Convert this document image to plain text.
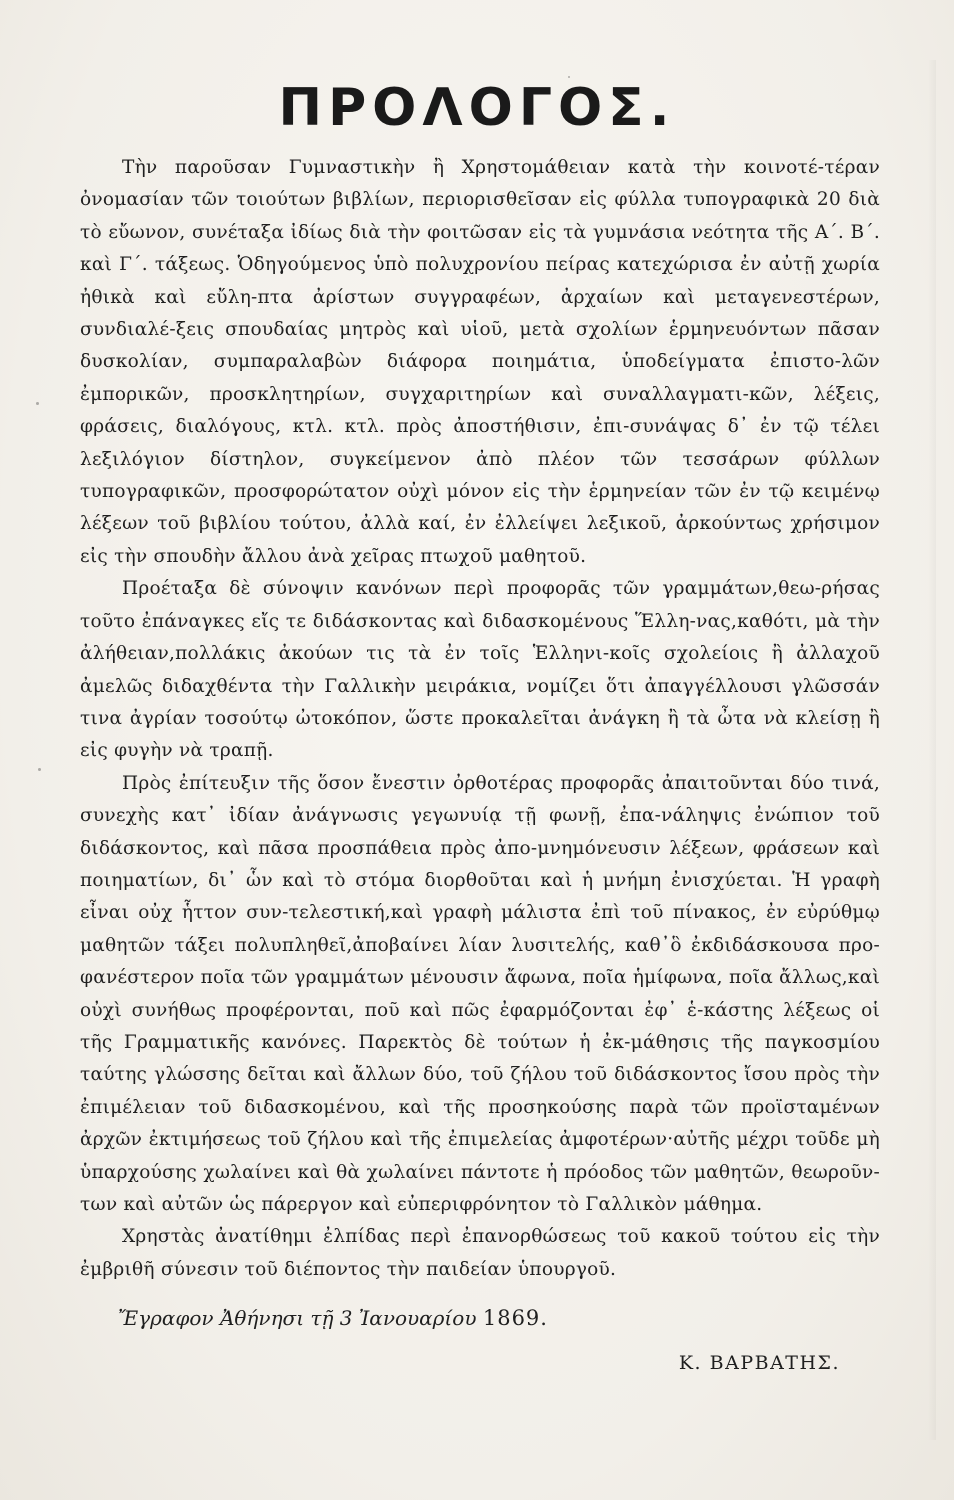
ΠΡΟΛΟΓΟΣ.

Τὴν παροῦσαν Γυμναστικὴν ἢ Χρηστομάθειαν κατὰ τὴν κοινοτέ-τέραν ὀνομασίαν τῶν τοιούτων βιβλίων, περιορισθεῖσαν εἰς φύλλα τυπογραφικὰ 20 διὰ τὸ εὔωνον, συνέταξα ἰδίως διὰ τὴν φοιτῶσαν εἰς τὰ γυμνάσια νεότητα τῆς Α΄. Β΄. καὶ Γ΄. τάξεως. Ὁδηγούμενος ὑπὸ πολυχρονίου πείρας κατεχώρισα ἐν αὐτῇ χωρία ἠθικὰ καὶ εὔλη-πτα ἀρίστων συγγραφέων, ἀρχαίων καὶ μεταγενεστέρων, συνδιαλέ-ξεις σπουδαίας μητρὸς καὶ υἱοῦ, μετὰ σχολίων ἑρμηνευόντων πᾶσαν δυσκολίαν, συμπαραλαβὼν διάφορα ποιημάτια, ὑποδείγματα ἐπιστο-λῶν ἐμπορικῶν, προσκλητηρίων, συγχαριτηρίων καὶ συναλλαγματι-κῶν, λέξεις, φράσεις, διαλόγους, κτλ. κτλ. πρὸς ἀποστήθισιν, ἐπι-συνάψας δ᾽ ἐν τῷ τέλει λεξιλόγιον δίστηλον, συγκείμενον ἀπὸ πλέον τῶν τεσσάρων φύλλων τυπογραφικῶν, προσφορώτατον οὐχὶ μόνον εἰς τὴν ἑρμηνείαν τῶν ἐν τῷ κειμένῳ λέξεων τοῦ βιβλίου τούτου, ἀλλὰ καί, ἐν ἐλλείψει λεξικοῦ, ἀρκούντως χρήσιμον εἰς τὴν σπουδὴν ἄλλου ἀνὰ χεῖρας πτωχοῦ μαθητοῦ.

Προέταξα δὲ σύνοψιν κανόνων περὶ προφορᾶς τῶν γραμμάτων,θεω-ρήσας τοῦτο ἐπάναγκες εἴς τε διδάσκοντας καὶ διδασκομένους Ἕλλη-νας,καθότι, μὰ τὴν ἀλήθειαν,πολλάκις ἀκούων τις τὰ ἐν τοῖς Ἑλληνι-κοῖς σχολείοις ἢ ἀλλαχοῦ ἀμελῶς διδαχθέντα τὴν Γαλλικὴν μειράκια, νομίζει ὅτι ἀπαγγέλλουσι γλῶσσάν τινα ἀγρίαν τοσούτῳ ὠτοκόπον, ὥστε προκαλεῖται ἀνάγκη ἢ τὰ ὦτα νὰ κλείσῃ ἢ εἰς φυγὴν νὰ τραπῇ.

Πρὸς ἐπίτευξιν τῆς ὅσον ἔνεστιν ὀρθοτέρας προφορᾶς ἀπαιτοῦνται δύο τινά, συνεχὴς κατ᾽ ἰδίαν ἀνάγνωσις γεγωνυίᾳ τῇ φωνῇ, ἐπα-νάληψις ἐνώπιον τοῦ διδάσκοντος, καὶ πᾶσα προσπάθεια πρὸς ἀπο-μνημόνευσιν λέξεων, φράσεων καὶ ποιηματίων, δι᾽ ὧν καὶ τὸ στόμα διορθοῦται καὶ ἡ μνήμη ἐνισχύεται. Ἡ γραφὴ εἶναι οὐχ ἧττον συν-τελεστική,καὶ γραφὴ μάλιστα ἐπὶ τοῦ πίνακος, ἐν εὐρύθμῳ μαθητῶν τάξει πολυπληθεῖ,ἀποβαίνει λίαν λυσιτελής, καθ᾽ὃ ἐκδιδάσκουσα προ-φανέστερον ποῖα τῶν γραμμάτων μένουσιν ἄφωνα, ποῖα ἡμίφωνα, ποῖα ἄλλως,καὶ οὐχὶ συνήθως προφέρονται, ποῦ καὶ πῶς ἐφαρμόζονται ἐφ᾽ ἑ-κάστης λέξεως οἱ τῆς Γραμματικῆς κανόνες. Παρεκτὸς δὲ τούτων ἡ ἐκ-μάθησις τῆς παγκοσμίου ταύτης γλώσσης δεῖται καὶ ἄλλων δύο, τοῦ ζήλου τοῦ διδάσκοντος ἴσου πρὸς τὴν ἐπιμέλειαν τοῦ διδασκομένου, καὶ τῆς προσηκούσης παρὰ τῶν προϊσταμένων ἀρχῶν ἐκτιμήσεως τοῦ ζήλου καὶ τῆς ἐπιμελείας ἀμφοτέρων·αὐτῆς μέχρι τοῦδε μὴ ὑπαρχούσης χωλαίνει καὶ θὰ χωλαίνει πάντοτε ἡ πρόοδος τῶν μαθητῶν, θεωροῦν-των καὶ αὐτῶν ὡς πάρεργον καὶ εὐπεριφρόνητον τὸ Γαλλικὸν μάθημα.

Χρηστὰς ἀνατίθημι ἐλπίδας περὶ ἐπανορθώσεως τοῦ κακοῦ τούτου εἰς τὴν ἐμβριθῆ σύνεσιν τοῦ διέποντος τὴν παιδείαν ὑπουργοῦ.

Ἔγραφον Ἀθήνησι τῇ 3 Ἰανουαρίου 1869.
Κ. ΒΑΡΒΑΤΗΣ.
